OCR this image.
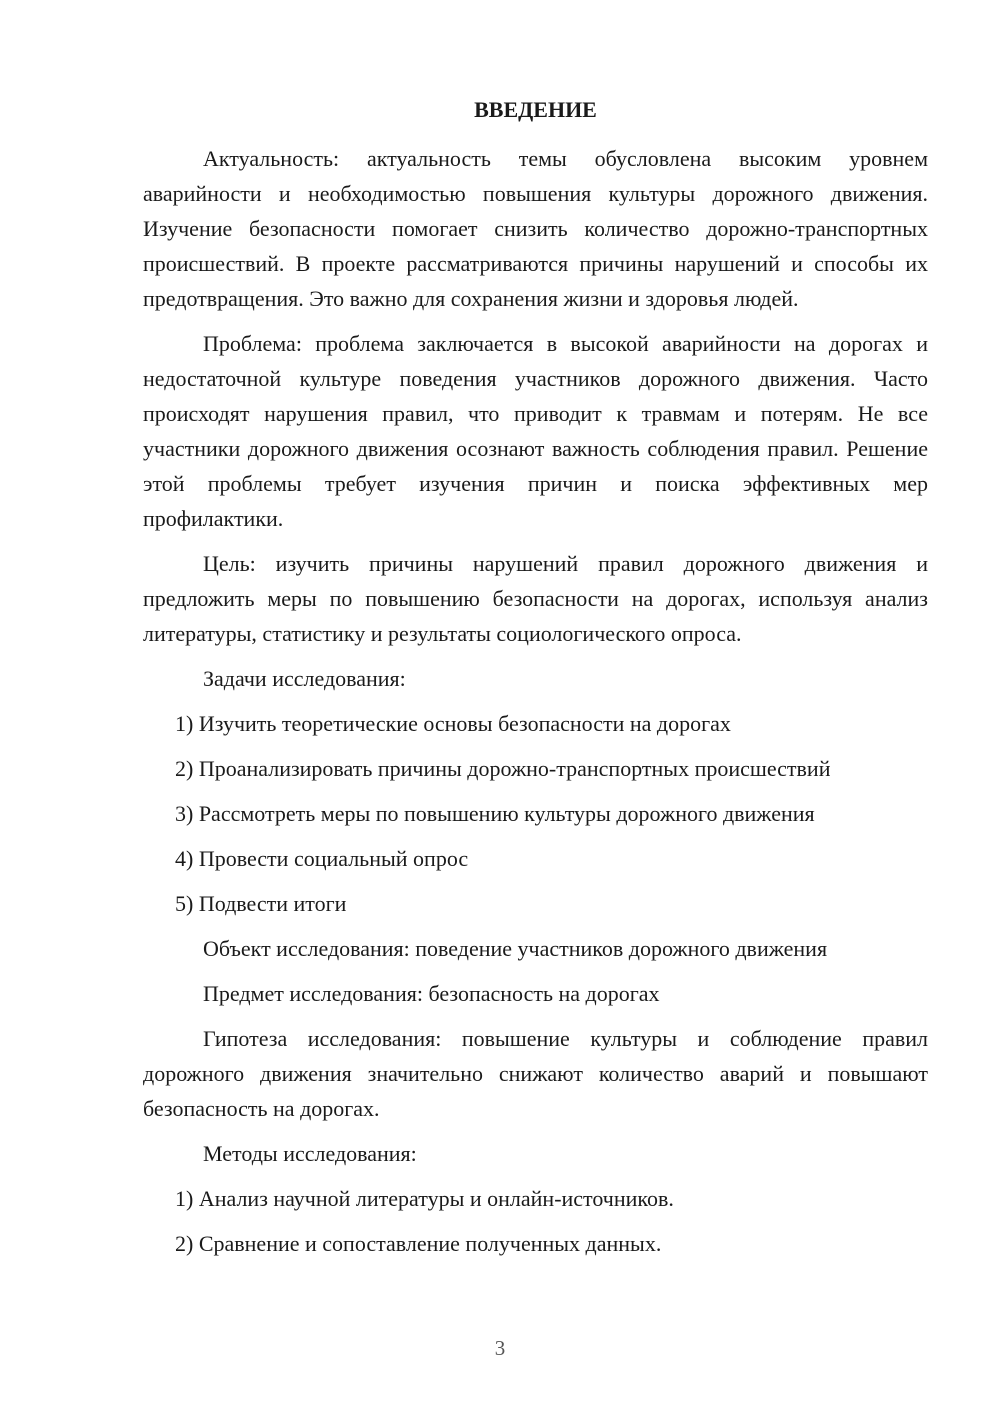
ВВЕДЕНИЕ

Актуальность: актуальность темы обусловлена высоким уровнем аварийности и необходимостью повышения культуры дорожного движения. Изучение безопасности помогает снизить количество дорожно-транспортных происшествий. В проекте рассматриваются причины нарушений и способы их предотвращения. Это важно для сохранения жизни и здоровья людей.

Проблема: проблема заключается в высокой аварийности на дорогах и недостаточной культуре поведения участников дорожного движения. Часто происходят нарушения правил, что приводит к травмам и потерям. Не все участники дорожного движения осознают важность соблюдения правил. Решение этой проблемы требует изучения причин и поиска эффективных мер профилактики.

Цель: изучить причины нарушений правил дорожного движения и предложить меры по повышению безопасности на дорогах, используя анализ литературы, статистику и результаты социологического опроса.

Задачи исследования:

1) Изучить теоретические основы безопасности на дорогах

2) Проанализировать причины дорожно-транспортных происшествий

3) Рассмотреть меры по повышению культуры дорожного движения

4) Провести социальный опрос

5) Подвести итоги

Объект исследования: поведение участников дорожного движения

Предмет исследования: безопасность на дорогах

Гипотеза исследования: повышение культуры и соблюдение правил дорожного движения значительно снижают количество аварий и повышают безопасность на дорогах.

Методы исследования:

1) Анализ научной литературы и онлайн-источников.

2) Сравнение и сопоставление полученных данных.

3
